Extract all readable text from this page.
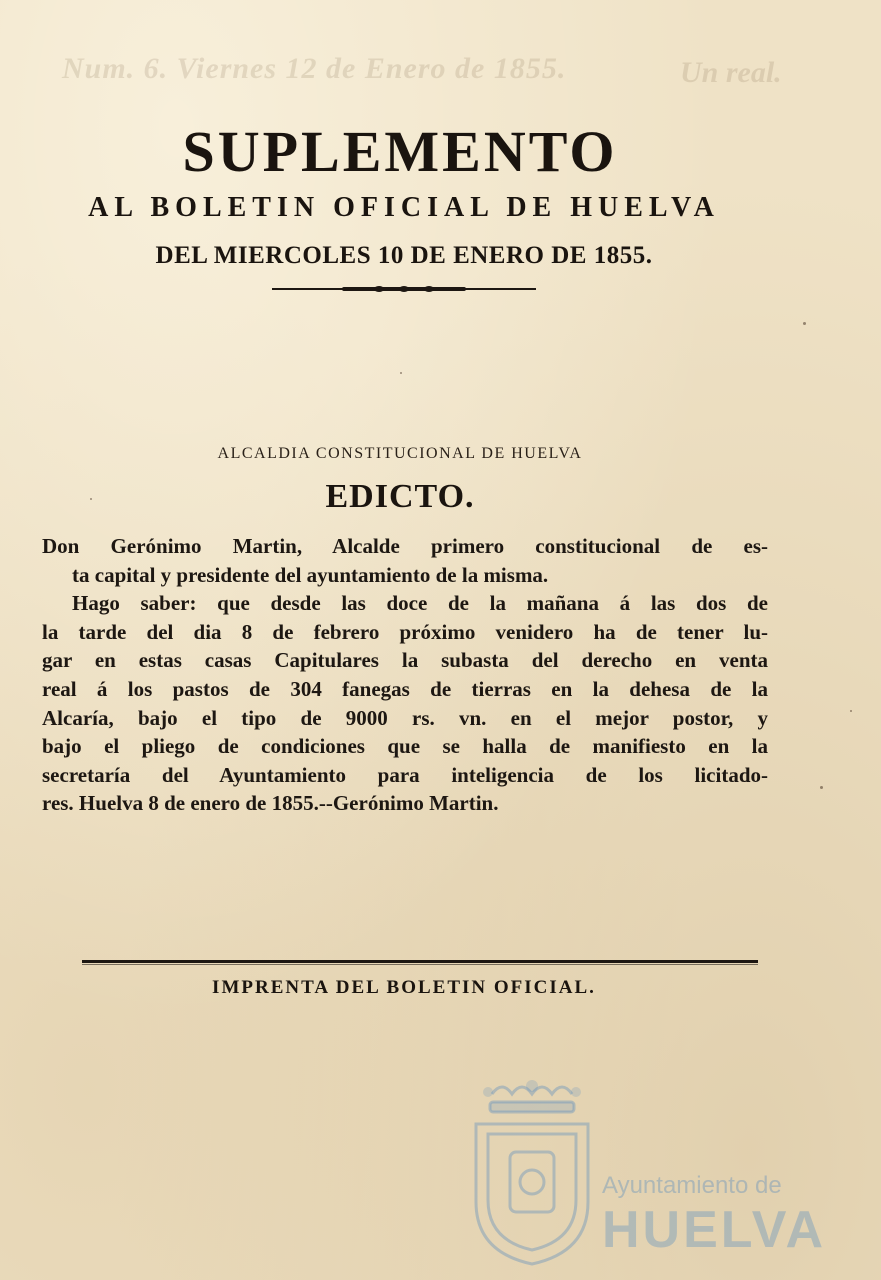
Num. 6. Viernes 12 de Enero de 1855.	Un real.
SUPLEMENTO
AL BOLETIN OFICIAL DE HUELVA
DEL MIERCOLES 10 DE ENERO DE 1855.
ALCALDIA CONSTITUCIONAL DE HUELVA
EDICTO.
Don Gerónimo Martin, Alcalde primero constitucional de es-
ta capital y presidente del ayuntamiento de la misma.
Hago saber: que desde las doce de la mañana á las dos de
la tarde del dia 8 de febrero próximo venidero ha de tener lu-
gar en estas casas Capitulares la subasta del derecho en venta
real á los pastos de 304 fanegas de tierras en la dehesa de la
Alcaría, bajo el tipo de 9000 rs. vn. en el mejor postor, y
bajo el pliego de condiciones que se halla de manifiesto en la
secretaría del Ayuntamiento para inteligencia de los licitado-
res. Huelva 8 de enero de 1855.--Gerónimo Martin.
IMPRENTA DEL BOLETIN OFICIAL.
Ayuntamiento de
HUELVA
